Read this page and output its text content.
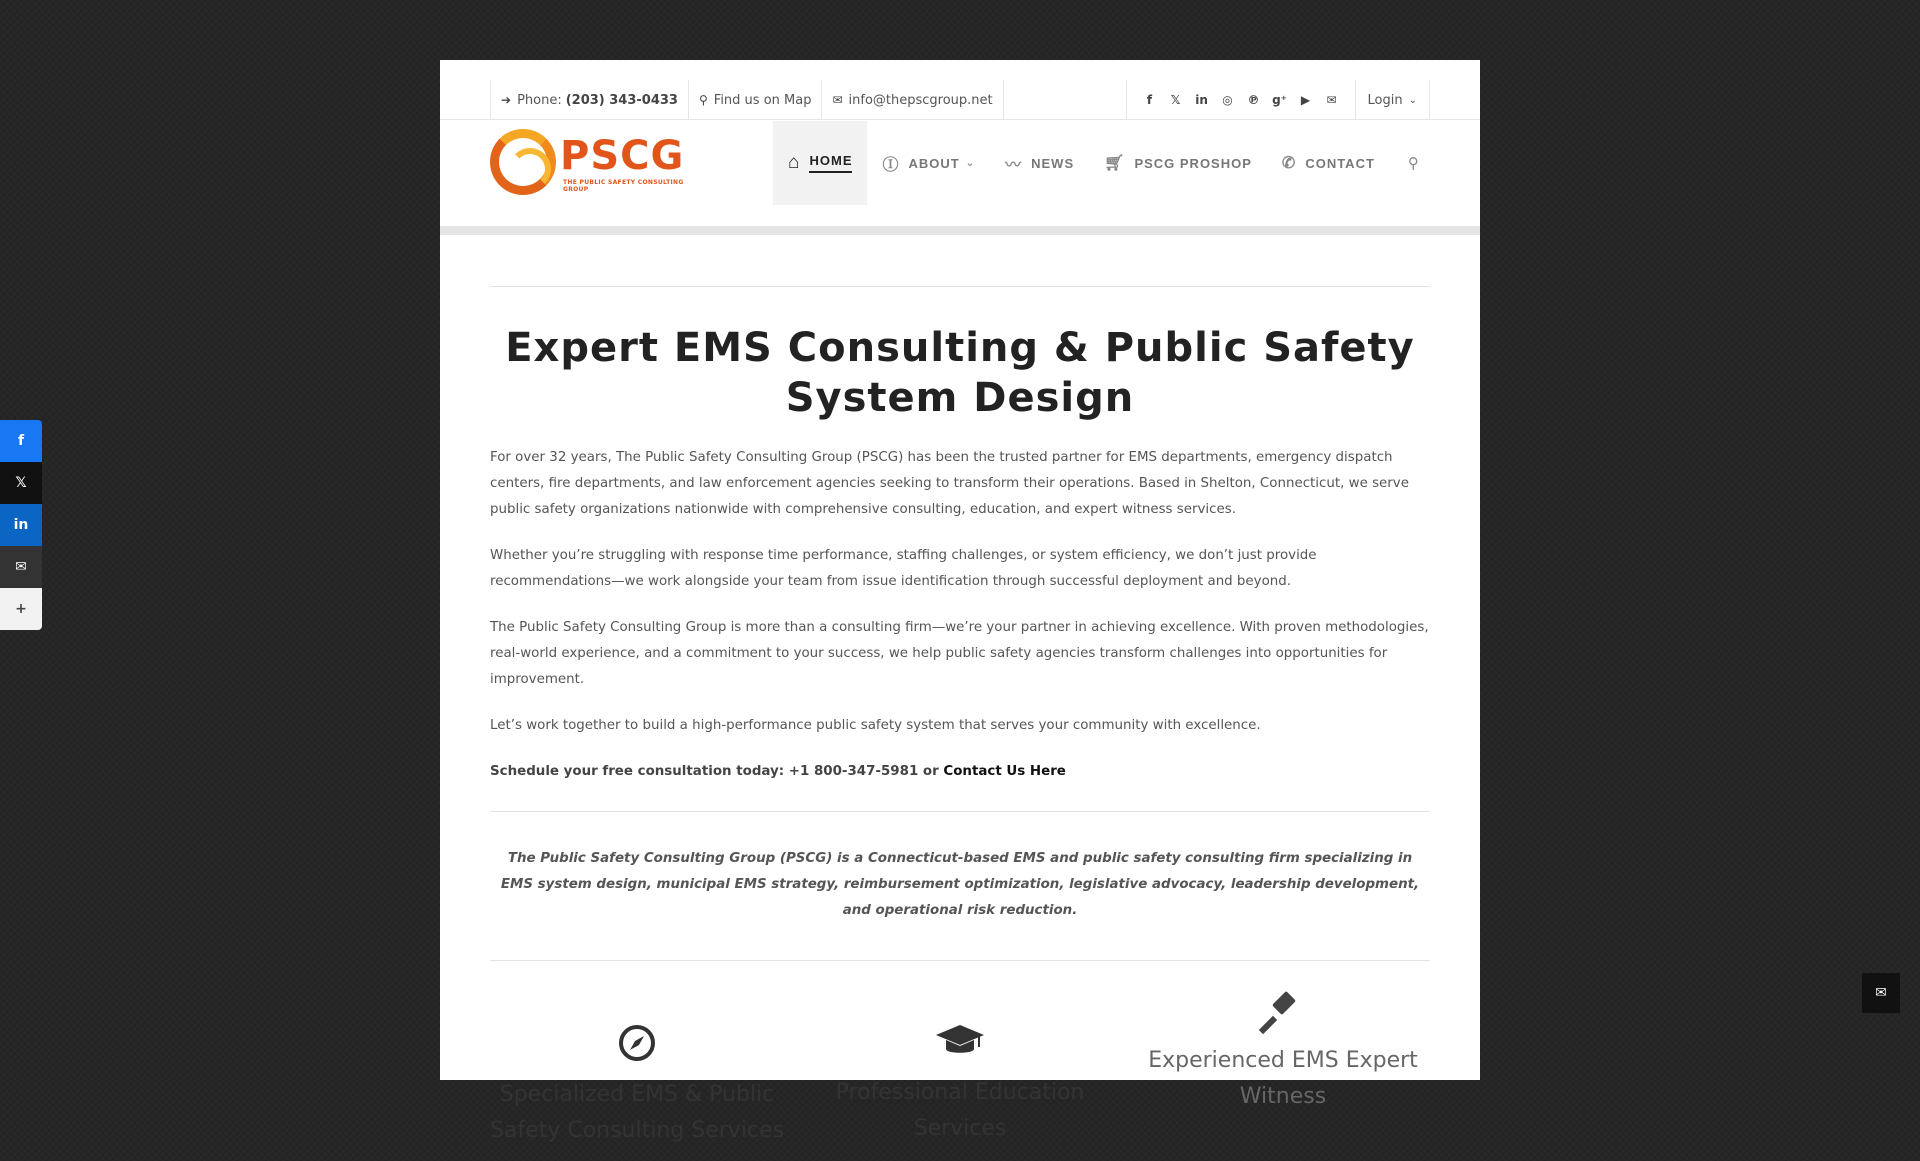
f
𝕏
in
✉
+
➔ Phone: (203) 343-0433 ⚲ Find us on Map ✉ info@thepscgroup.net	f	𝕏	in	◎	℗	g⁺	▶	✉	Login ⌄
PSCG
THE PUBLIC SAFETY CONSULTING GROUP
⌂ HOME Ⓘ ABOUT ⌄ 〰 NEWS 🛒︎ PSCG PROSHOP ✆ CONTACT ⚲
Expert EMS Consulting & Public Safety System Design

For over 32 years, The Public Safety Consulting Group (PSCG) has been the trusted partner for EMS departments, emergency dispatch centers, fire departments, and law enforcement agencies seeking to transform their operations. Based in Shelton, Connecticut, we serve public safety organizations nationwide with comprehensive consulting, education, and expert witness services.

Whether you’re struggling with response time performance, staffing challenges, or system efficiency, we don’t just provide recommendations—we work alongside your team from issue identification through successful deployment and beyond.

The Public Safety Consulting Group is more than a consulting firm—we’re your partner in achieving excellence. With proven methodologies, real-world experience, and a commitment to your success, we help public safety agencies transform challenges into opportunities for improvement.

Let’s work together to build a high-performance public safety system that serves your community with excellence.

Schedule your free consultation today: +1 800-347-5981 or Contact Us Here

The Public Safety Consulting Group (PSCG) is a Connecticut-based EMS and public safety consulting firm specializing in EMS system design, municipal EMS strategy, reimbursement optimization, legislative advocacy, leadership development, and operational risk reduction.

Specialized EMS & Public Safety Consulting Services
Professional Education Services
Experienced EMS Expert Witness
✉
